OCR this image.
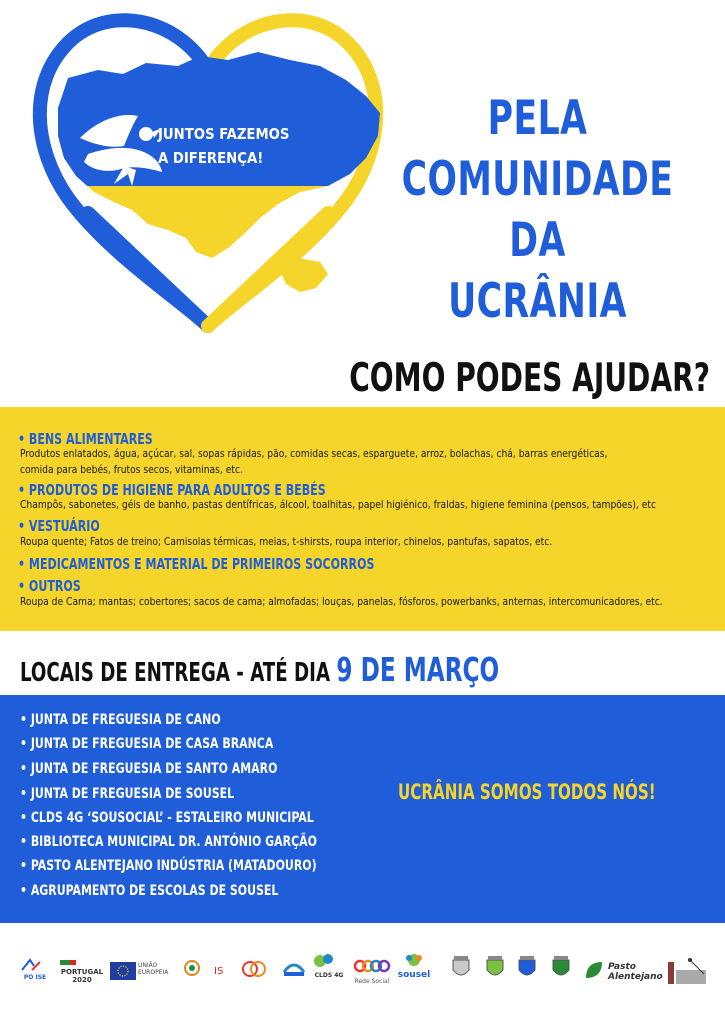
JUNTOS FAZEMOS
A DIFERENÇA!
PELA
COMUNIDADE DA
UCRÂNIA
COMO PODES AJUDAR?
• BENS ALIMENTARES
Produtos enlatados, água, açúcar, sal, sopas rápidas, pão, comidas secas, esparguete, arroz, bolachas, chá, barras energéticas,
comida para bebés, frutos secos, vitaminas, etc.
• PRODUTOS DE HIGIENE PARA ADULTOS E BEBÉS
Champôs, sabonetes, géis de banho, pastas dentífricas, álcool, toalhitas, papel higiénico, fraldas, higiene feminina (pensos, tampões), etc
• VESTUÁRIO
Roupa quente; Fatos de treino; Camisolas térmicas, meias, t-shirsts, roupa interior, chinelos, pantufas, sapatos, etc.
• MEDICAMENTOS E MATERIAL DE PRIMEIROS SOCORROS
• OUTROS
Roupa de Cama; mantas; cobertores; sacos de cama; almofadas; louças, panelas, fósforos, powerbanks, anternas, intercomunicadores, etc.
LOCAIS DE ENTREGA - ATÉ DIA 9 DE MARÇO
• JUNTA DE FREGUESIA DE CANO
• JUNTA DE FREGUESIA DE CASA BRANCA
• JUNTA DE FREGUESIA DE SANTO AMARO
• JUNTA DE FREGUESIA DE SOUSEL
• CLDS 4G ‘SOUSOCIAL’ - ESTALEIRO MUNICIPAL
• BIBLIOTECA MUNICIPAL DR. ANTÓNIO GARÇÃO
• PASTO ALENTEJANO INDÚSTRIA (MATADOURO)
• AGRUPAMENTO DE ESCOLAS DE SOUSEL
UCRÂNIA SOMOS TODOS NÓS!
PO ISE
PORTUGAL 2020
UNIÃO EUROPEIA	IS	CLDS 4G
Rede Social
sousel
Pasto Alentejano
